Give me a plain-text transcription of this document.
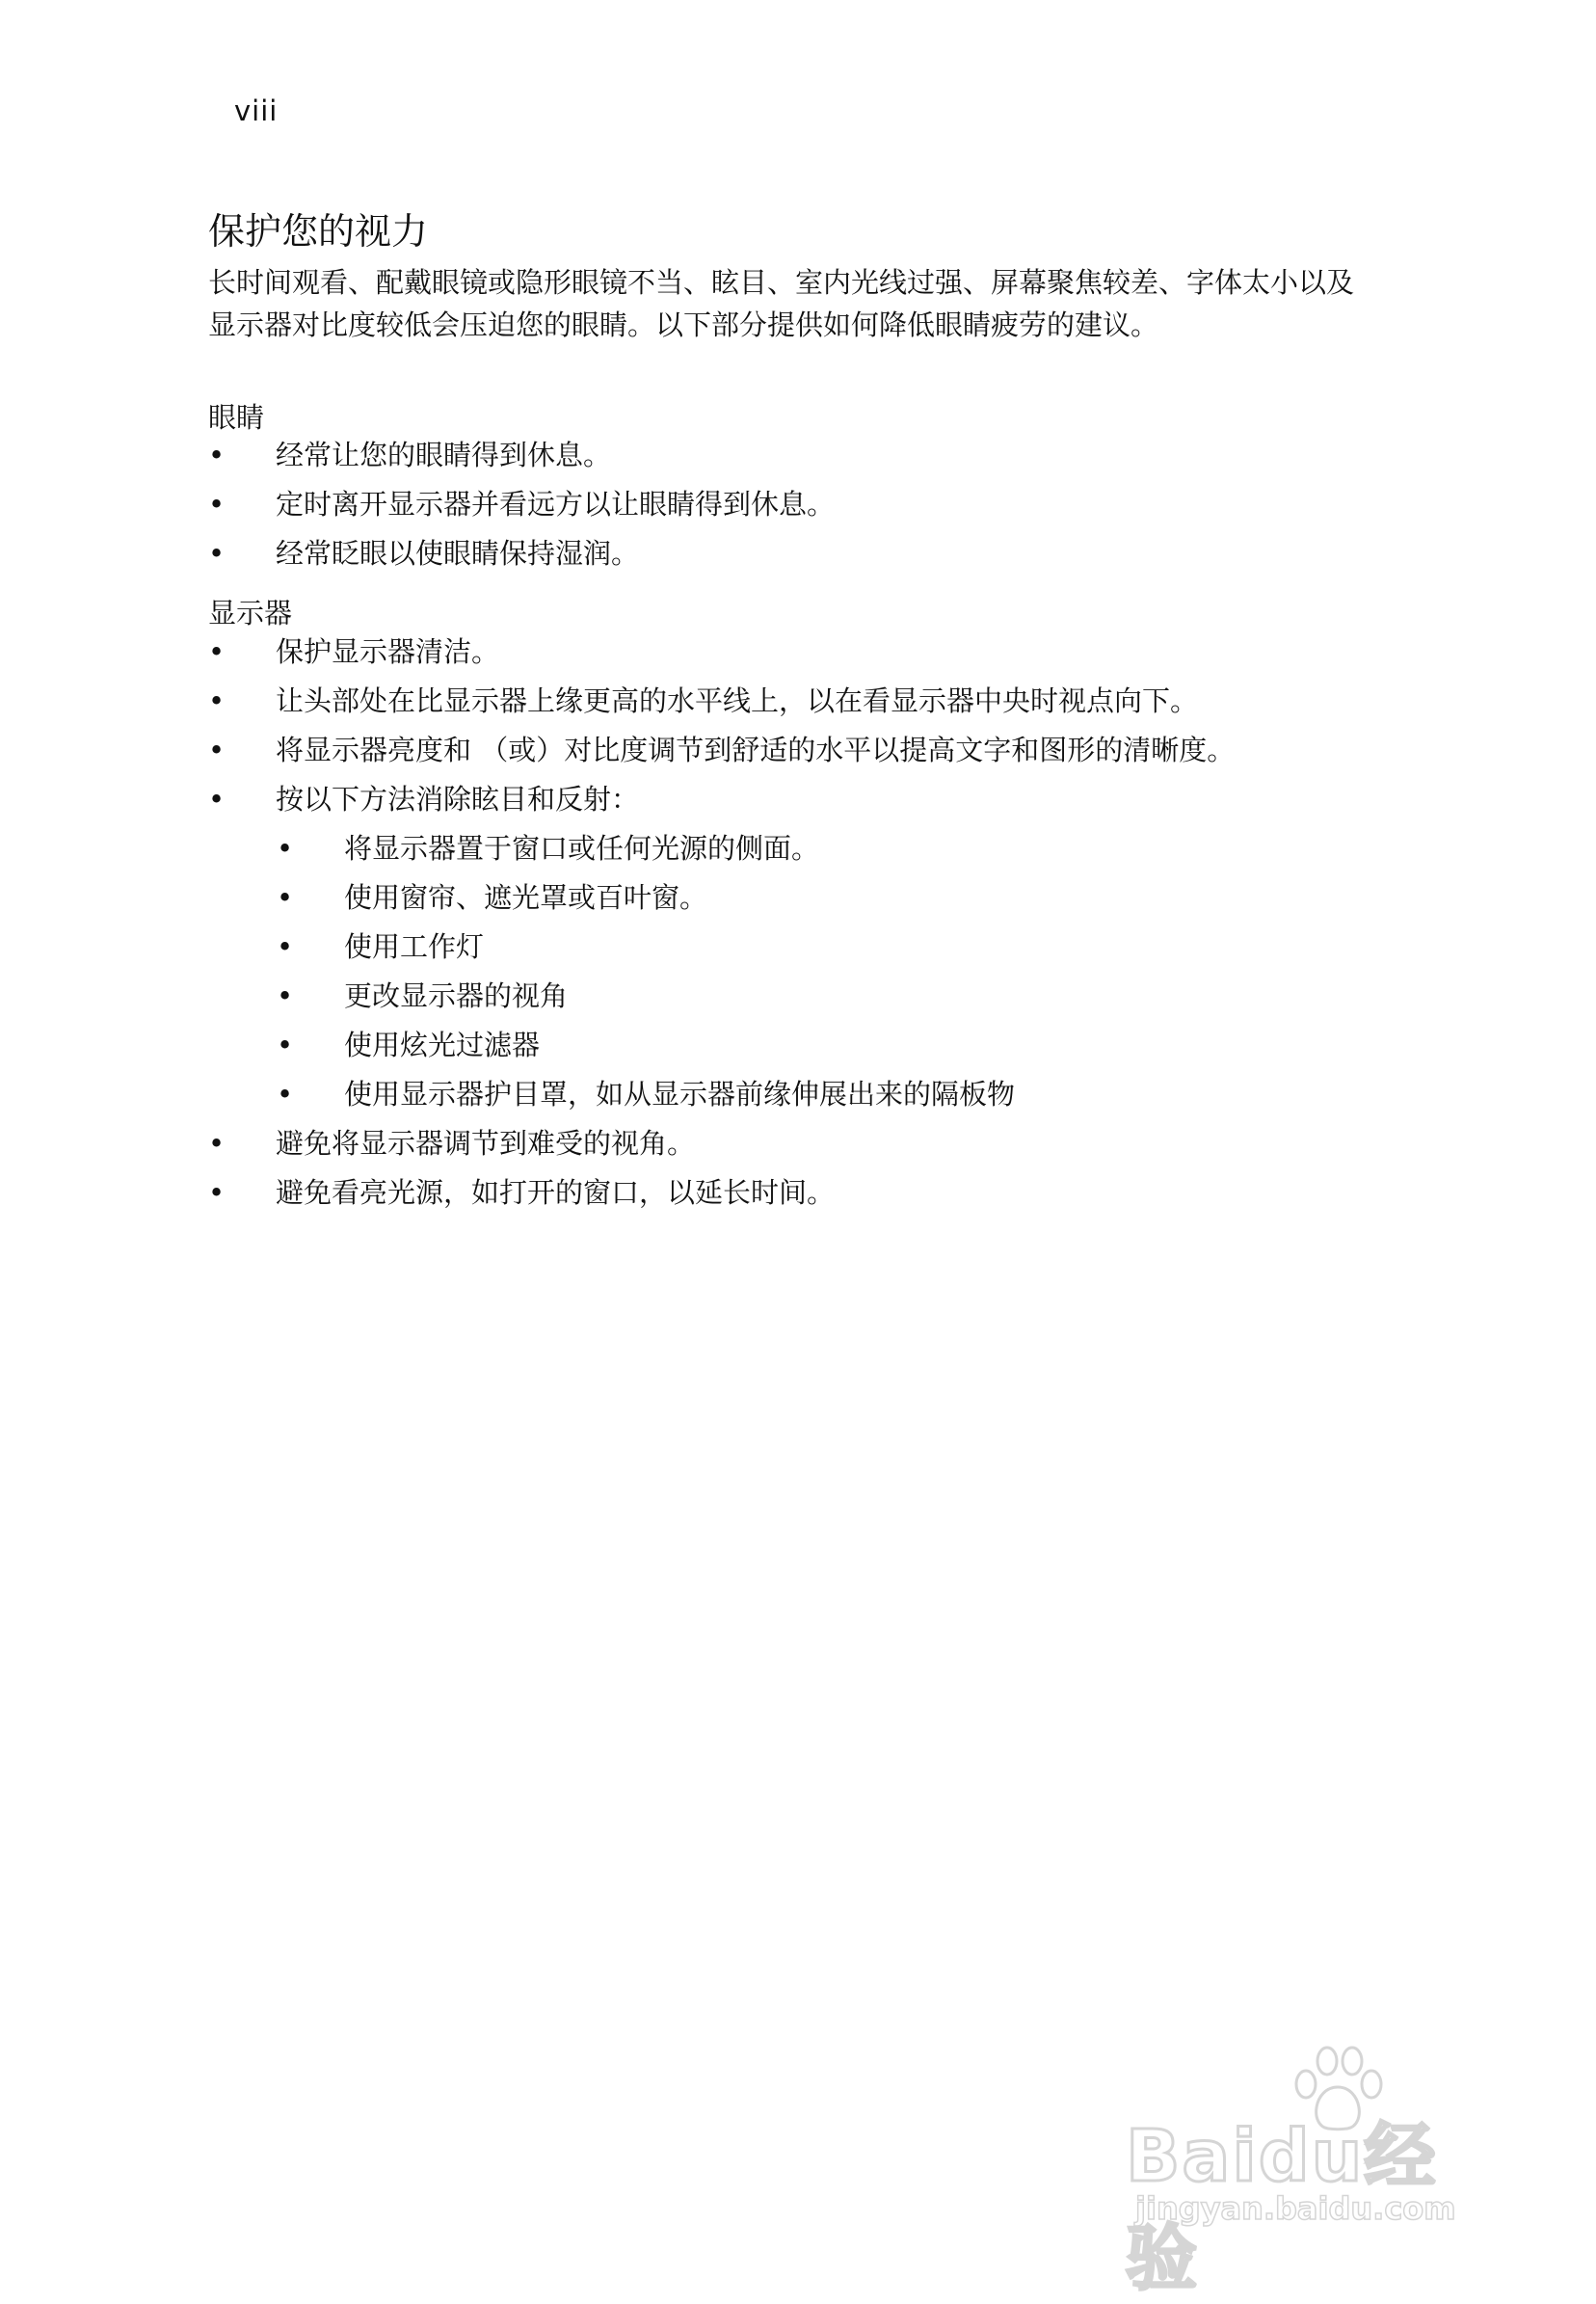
viii
保护您的视力

长时间观看、配戴眼镜或隐形眼镜不当、眩目、室内光线过强、屏幕聚焦较差、字体太小以及显示器对比度较低会压迫您的眼睛。以下部分提供如何降低眼睛疲劳的建议。

眼睛
• 经常让您的眼睛得到休息。
• 定时离开显示器并看远方以让眼睛得到休息。
• 经常眨眼以使眼睛保持湿润。
显示器
• 保护显示器清洁。
• 让头部处在比显示器上缘更高的水平线上，以在看显示器中央时视点向下。
• 将显示器亮度和 （或）对比度调节到舒适的水平以提高文字和图形的清晰度。
• 按以下方法消除眩目和反射：
• 将显示器置于窗口或任何光源的侧面。
• 使用窗帘、遮光罩或百叶窗。
• 使用工作灯
• 更改显示器的视角
• 使用炫光过滤器
• 使用显示器护目罩，如从显示器前缘伸展出来的隔板物
• 避免将显示器调节到难受的视角。
• 避免看亮光源，如打开的窗口，以延长时间。
Baidu经验
jingyan.baidu.com
